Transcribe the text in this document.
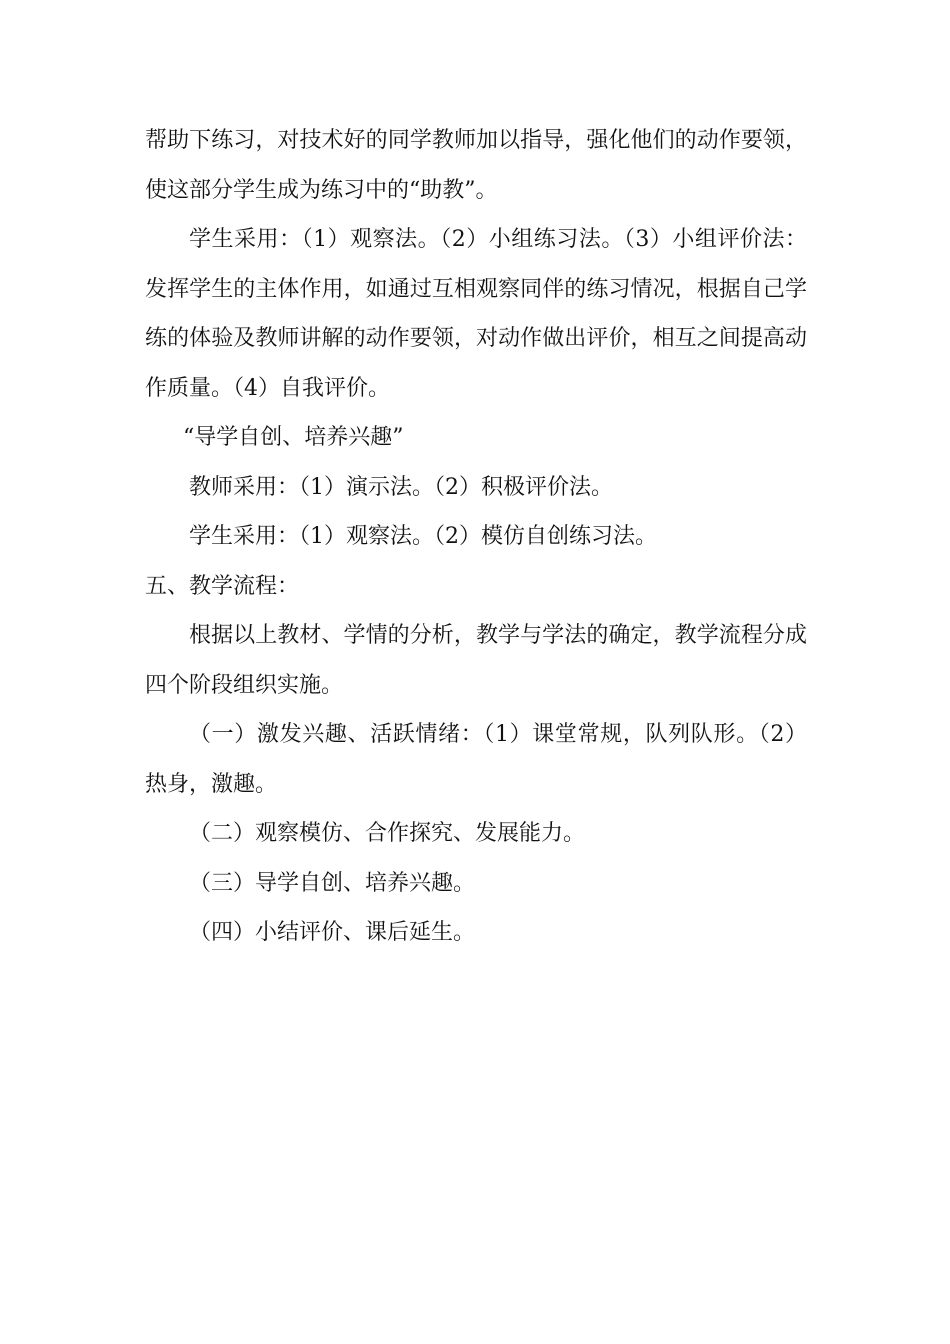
帮助下练习，对技术好的同学教师加以指导，强化他们的动作要领，使这部分学生成为练习中的“助教”。

学生采用：（1）观察法。（2）小组练习法。（3）小组评价法：发挥学生的主体作用，如通过互相观察同伴的练习情况，根据自己学练的体验及教师讲解的动作要领，对动作做出评价，相互之间提高动作质量。（4）自我评价。

“导学自创、培养兴趣”

教师采用：（1）演示法。（2）积极评价法。

学生采用：（1）观察法。（2）模仿自创练习法。

五、教学流程：

根据以上教材、学情的分析，教学与学法的确定，教学流程分成四个阶段组织实施。

（一）激发兴趣、活跃情绪：（1）课堂常规，队列队形。（2）热身，激趣。

（二）观察模仿、合作探究、发展能力。

（三）导学自创、培养兴趣。

（四）小结评价、课后延生。
